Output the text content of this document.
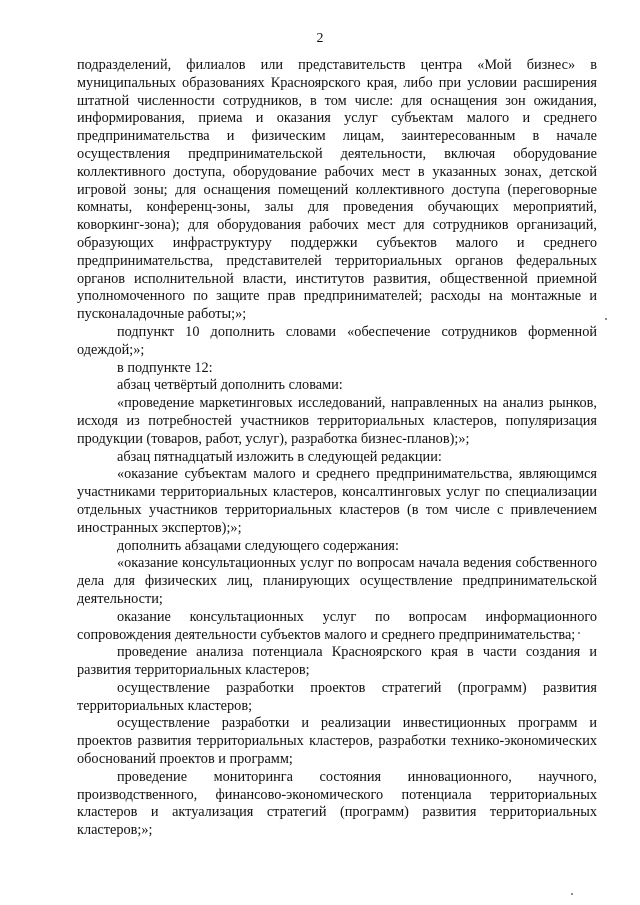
2

подразделений, филиалов или представительств центра «Мой бизнес» в муниципальных образованиях Красноярского края, либо при условии расширения штатной численности сотрудников, в том числе: для оснащения зон ожидания, информирования, приема и оказания услуг субъектам малого и среднего предпринимательства и физическим лицам, заинтересованным в начале осуществления предпринимательской деятельности, включая оборудование коллективного доступа, оборудование рабочих мест в указанных зонах, детской игровой зоны; для оснащения помещений коллективного доступа (переговорные комнаты, конференц-зоны, залы для проведения обучающих мероприятий, коворкинг-зона); для оборудования рабочих мест для сотрудников организаций, образующих инфраструктуру поддержки субъектов малого и среднего предпринимательства, представителей территориальных органов федеральных органов исполнительной власти, институтов развития, общественной приемной уполномоченного по защите прав предпринимателей; расходы на монтажные и пусконаладочные работы;»;

подпункт 10 дополнить словами «обеспечение сотрудников форменной одеждой;»;

в подпункте 12:

абзац четвёртый дополнить словами:

«проведение маркетинговых исследований, направленных на анализ рынков, исходя из потребностей участников территориальных кластеров, популяризация продукции (товаров, работ, услуг), разработка бизнес-планов);»;

абзац пятнадцатый изложить в следующей редакции:

«оказание субъектам малого и среднего предпринимательства, являющимся участниками территориальных кластеров, консалтинговых услуг по специализации отдельных участников территориальных кластеров (в том числе с привлечением иностранных экспертов);»;

дополнить абзацами следующего содержания:

«оказание консультационных услуг по вопросам начала ведения собственного дела для физических лиц, планирующих осуществление предпринимательской деятельности;

оказание консультационных услуг по вопросам информационного сопровождения деятельности субъектов малого и среднего предпринимательства;

проведение анализа потенциала Красноярского края в части создания и развития территориальных кластеров;

осуществление разработки проектов стратегий (программ) развития территориальных кластеров;

осуществление разработки и реализации инвестиционных программ и проектов развития территориальных кластеров, разработки технико-экономических обоснований проектов и программ;

проведение мониторинга состояния инновационного, научного, производственного, финансово-экономического потенциала территориальных кластеров и актуализация стратегий (программ) развития территориальных кластеров;»;
